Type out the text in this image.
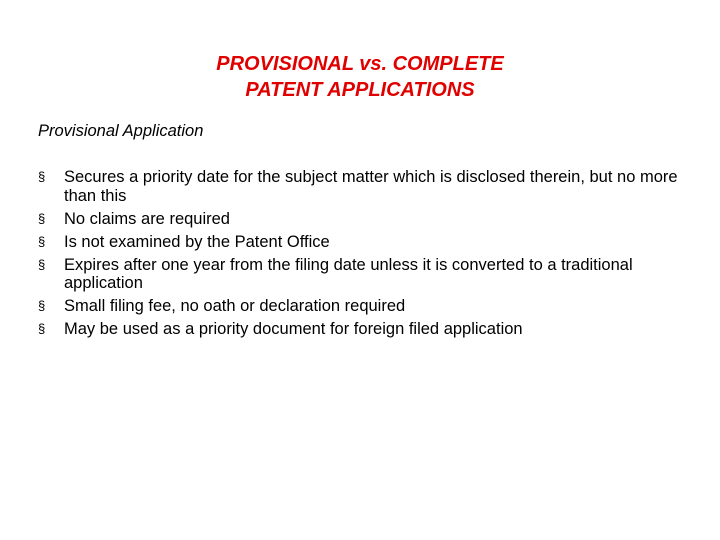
PROVISIONAL vs. COMPLETE
PATENT APPLICATIONS
Provisional Application
§ Secures a priority date for the subject matter which is disclosed therein, but no more than this
§ No claims are required
§ Is not examined by the Patent Office
§ Expires after one year from the filing date unless it is converted to a traditional application
§ Small filing fee, no oath or declaration required
§ May be used as a priority document for foreign filed application
